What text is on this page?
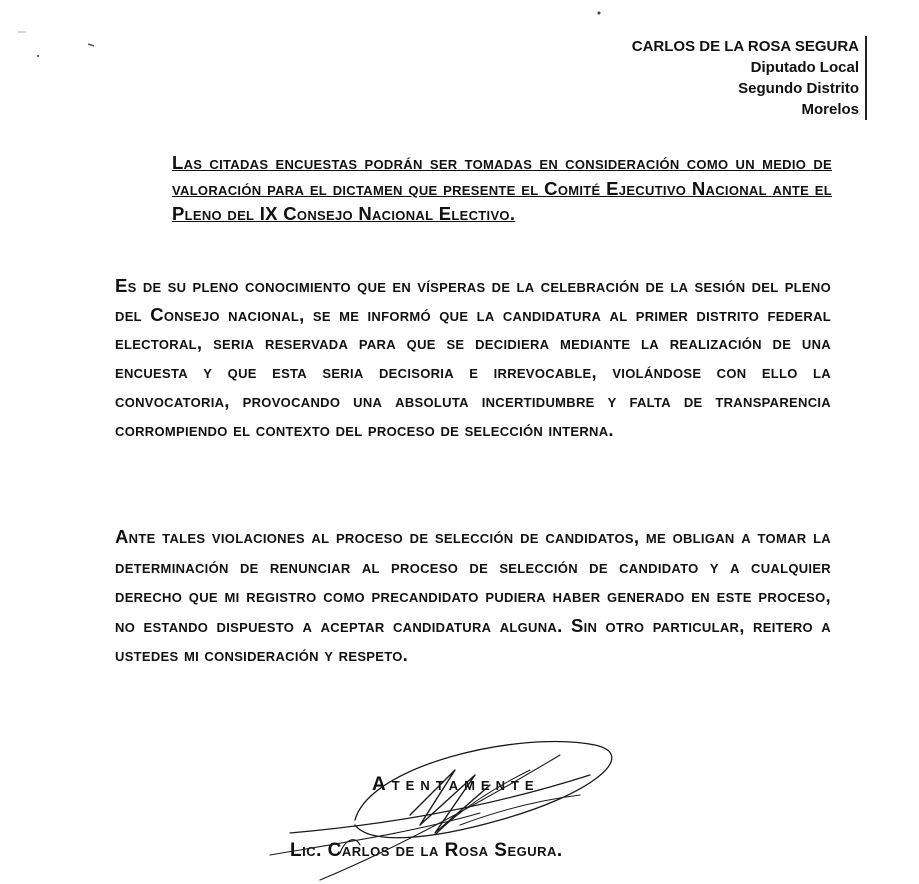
CARLOS DE LA ROSA SEGURA
Diputado Local
Segundo Distrito
Morelos

Las citadas encuestas podrán ser tomadas en consideración como un medio de valoración para el dictamen que presente el Comité Ejecutivo Nacional ante el Pleno del IX Consejo Nacional Electivo.

Es de su pleno conocimiento que en vísperas de la celebración de la sesión del pleno del Consejo nacional, se me informó que la candidatura al primer distrito federal electoral, seria reservada para que se decidiera mediante la realización de una encuesta y que esta seria decisoria e irrevocable, violándose con ello la convocatoria, provocando una absoluta incertidumbre y falta de transparencia corrompiendo el contexto del proceso de selección interna.

Ante tales violaciones al proceso de selección de candidatos, me obligan a tomar la determinación de renunciar al proceso de selección de candidato y a cualquier derecho que mi registro como precandidato pudiera haber generado en este proceso, no estando dispuesto a aceptar candidatura alguna. Sin otro particular, reitero a ustedes mi consideración y respeto.

Atentamente
Lic. Carlos de la Rosa Segura.
